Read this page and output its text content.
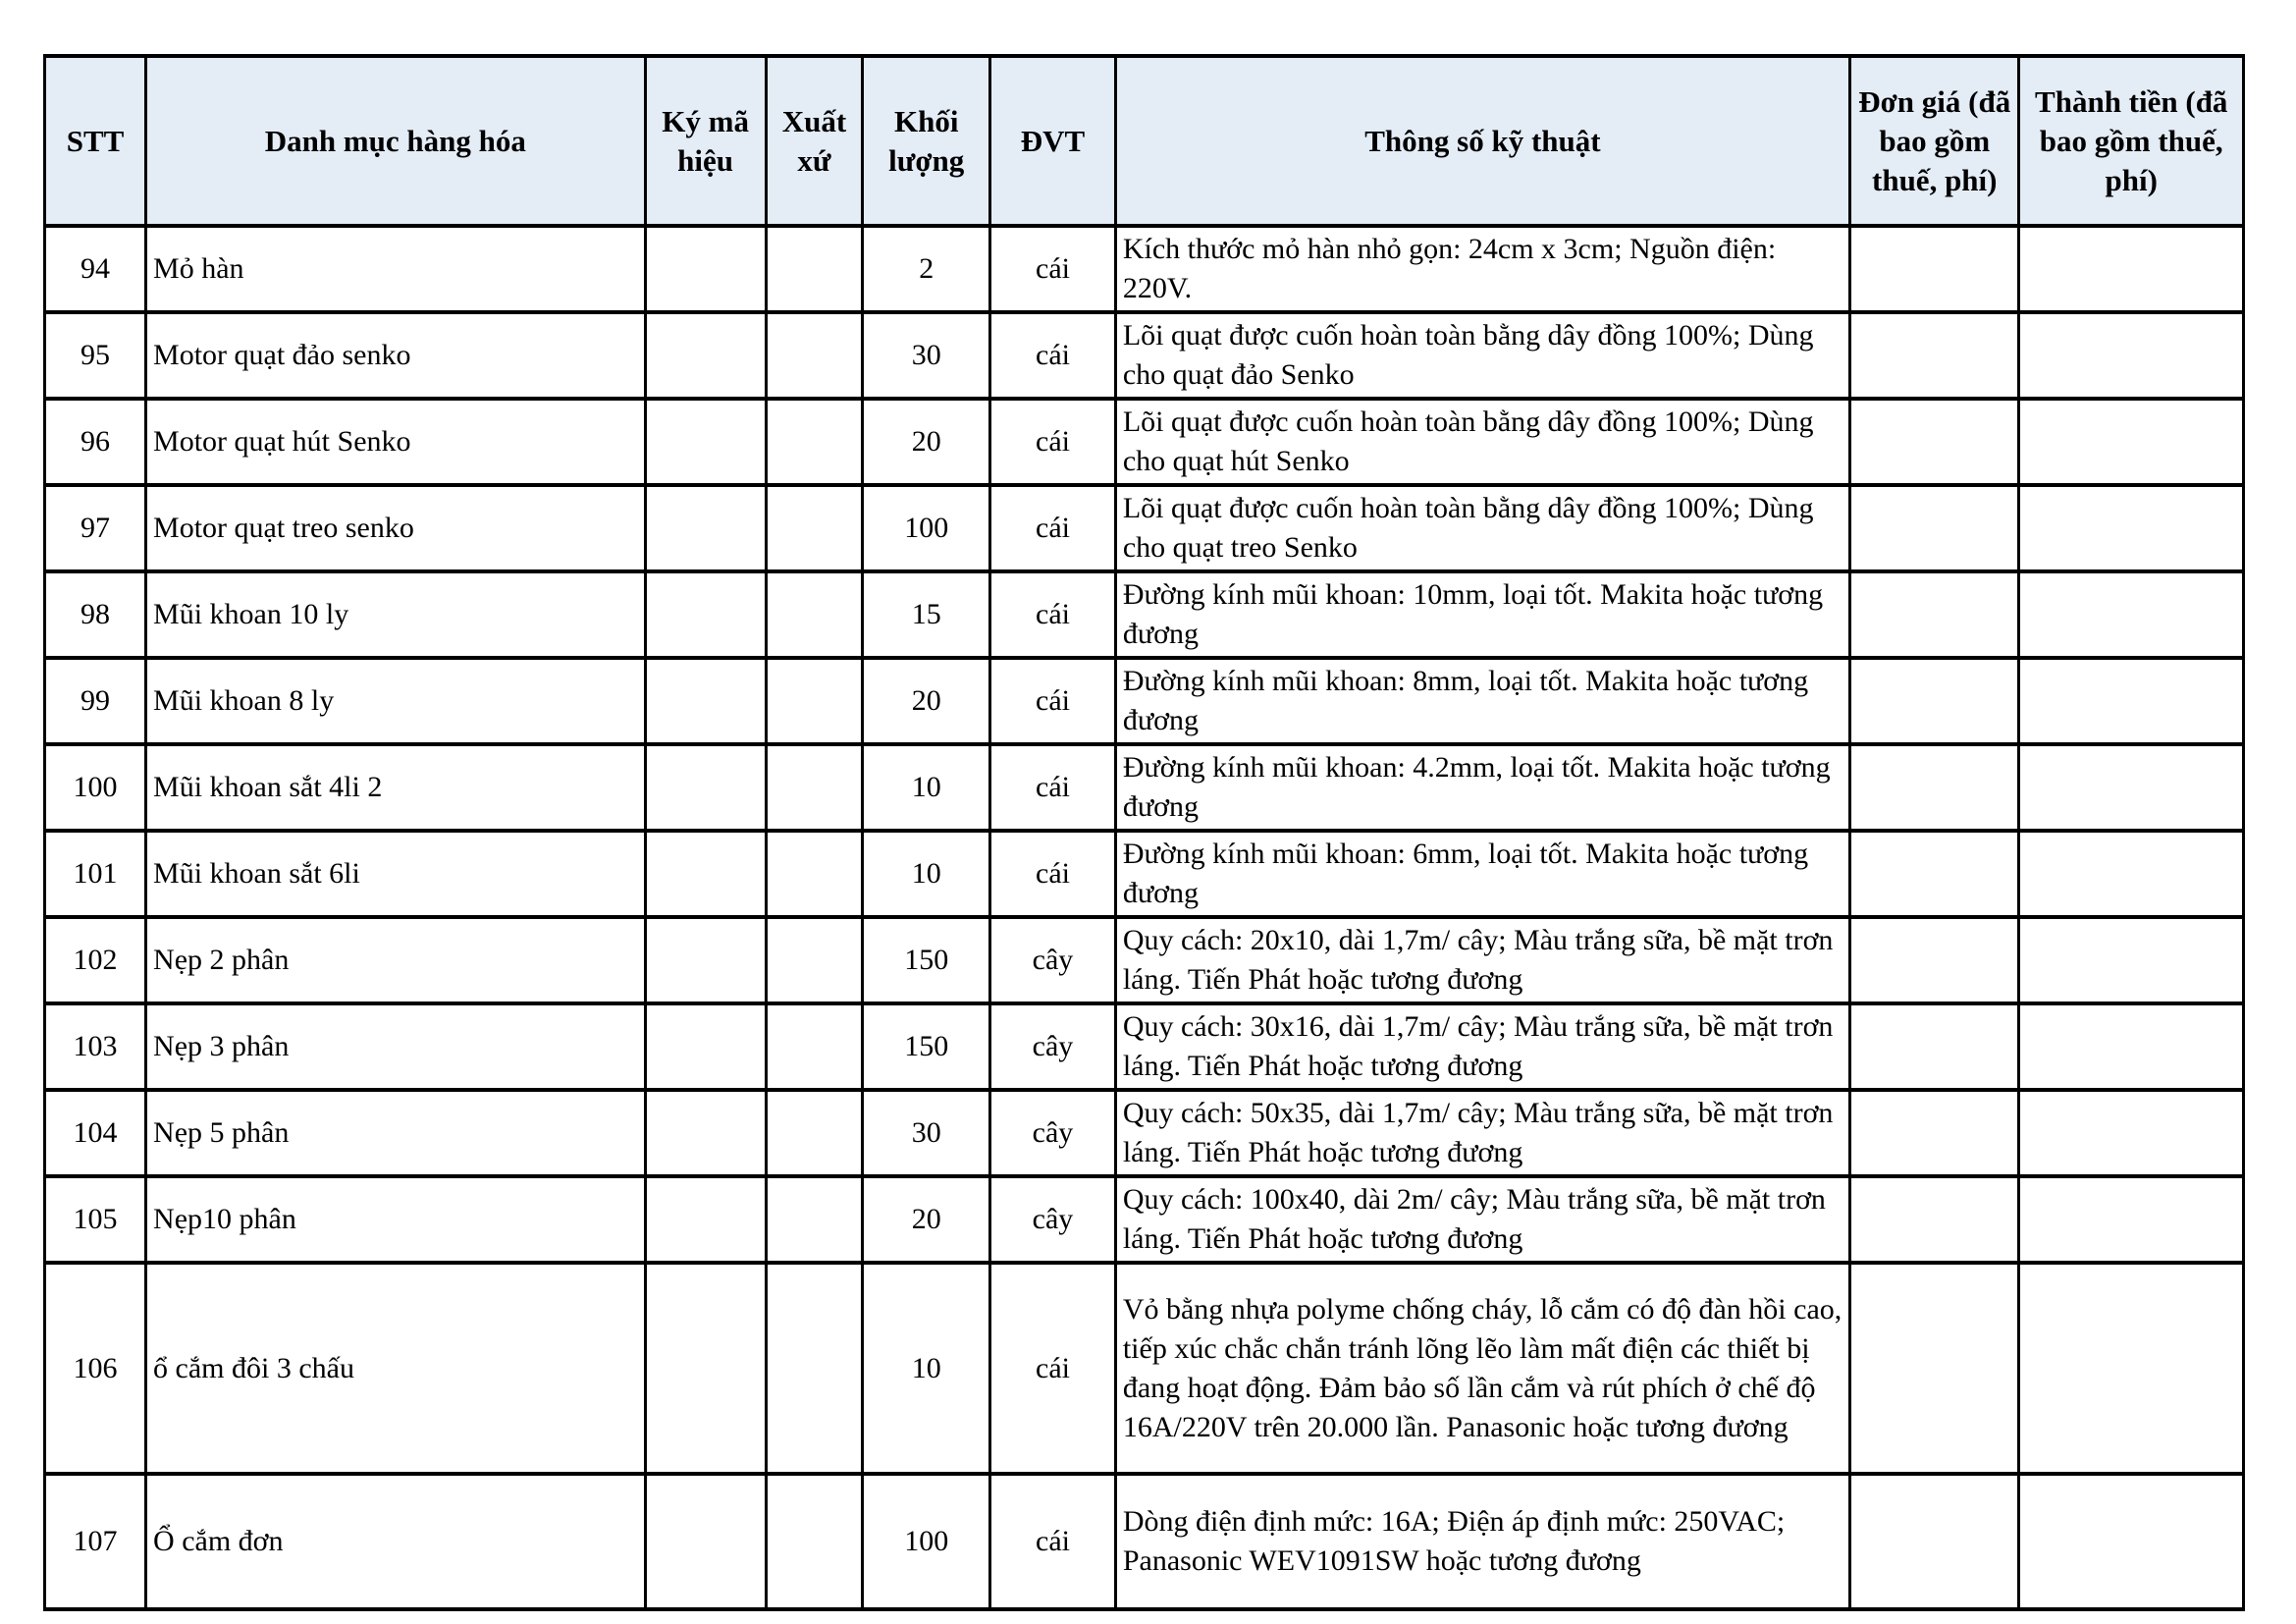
STT	Danh mục hàng hóa	Ký mã hiệu	Xuất xứ	Khối lượng	ĐVT	Thông số kỹ thuật	Đơn giá (đã bao gồm thuế, phí)	Thành tiền (đã bao gồm thuế, phí)
94	Mỏ hàn			2	cái	Kích thước mỏ hàn nhỏ gọn: 24cm x 3cm; Nguồn điện: 220V.		
95	Motor quạt đảo senko			30	cái	Lõi quạt được cuốn hoàn toàn bằng dây đồng 100%; Dùng cho quạt đảo Senko		
96	Motor quạt hút Senko			20	cái	Lõi quạt được cuốn hoàn toàn bằng dây đồng 100%; Dùng cho quạt hút Senko		
97	Motor quạt treo senko			100	cái	Lõi quạt được cuốn hoàn toàn bằng dây đồng 100%; Dùng cho quạt treo Senko		
98	Mũi khoan 10 ly			15	cái	Đường kính mũi khoan: 10mm, loại tốt. Makita hoặc tương đương		
99	Mũi khoan 8 ly			20	cái	Đường kính mũi khoan: 8mm, loại tốt. Makita hoặc tương đương		
100	Mũi khoan sắt 4li 2			10	cái	Đường kính mũi khoan: 4.2mm, loại tốt. Makita hoặc tương đương		
101	Mũi khoan sắt 6li			10	cái	Đường kính mũi khoan: 6mm, loại tốt. Makita hoặc tương đương		
102	Nẹp 2 phân			150	cây	Quy cách: 20x10, dài 1,7m/ cây; Màu trắng sữa, bề mặt trơn láng. Tiến Phát hoặc tương đương		
103	Nẹp 3 phân			150	cây	Quy cách: 30x16, dài 1,7m/ cây; Màu trắng sữa, bề mặt trơn láng. Tiến Phát hoặc tương đương		
104	Nẹp 5 phân			30	cây	Quy cách: 50x35, dài 1,7m/ cây; Màu trắng sữa, bề mặt trơn láng. Tiến Phát hoặc tương đương		
105	Nẹp10 phân			20	cây	Quy cách: 100x40, dài 2m/ cây; Màu trắng sữa, bề mặt trơn láng. Tiến Phát hoặc tương đương		
106	ổ cắm đôi 3 chấu			10	cái	Vỏ bằng nhựa polyme chống cháy, lỗ cắm có độ đàn hồi cao, tiếp xúc chắc chắn tránh lõng lẽo làm mất điện các thiết bị đang hoạt động. Đảm bảo số lần cắm và rút phích ở chế độ 16A/220V trên 20.000 lần. Panasonic hoặc tương đương		
107	Ổ cắm đơn			100	cái	Dòng điện định mức: 16A; Điện áp định mức: 250VAC; Panasonic WEV1091SW hoặc tương đương		
